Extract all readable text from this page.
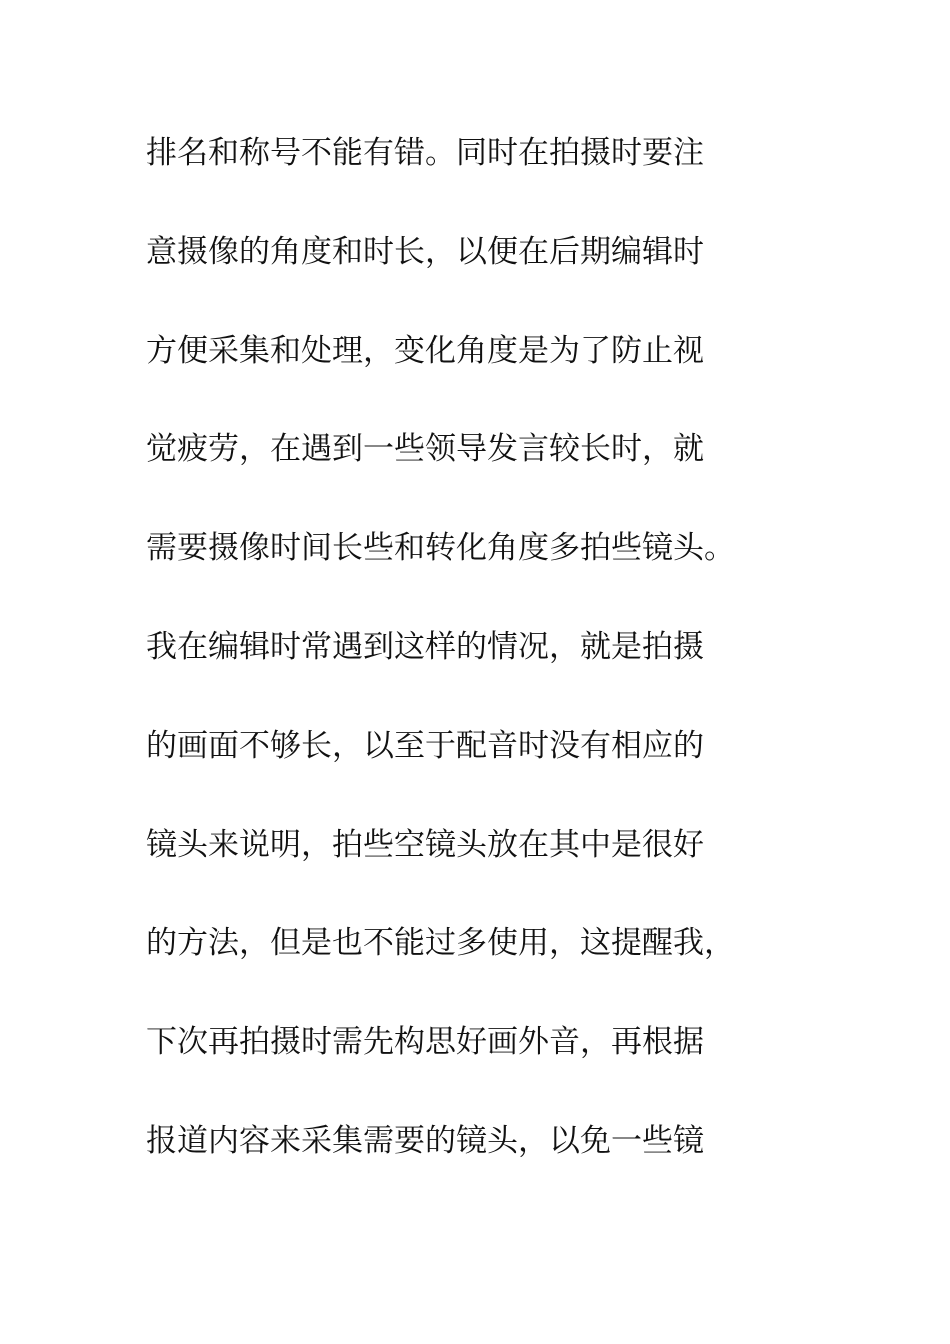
排名和称号不能有错。同时在拍摄时要注
意摄像的角度和时长，以便在后期编辑时
方便采集和处理，变化角度是为了防止视
觉疲劳，在遇到一些领导发言较长时，就
需要摄像时间长些和转化角度多拍些镜头。
我在编辑时常遇到这样的情况，就是拍摄
的画面不够长，以至于配音时没有相应的
镜头来说明，拍些空镜头放在其中是很好
的方法，但是也不能过多使用，这提醒我，
下次再拍摄时需先构思好画外音，再根据
报道内容来采集需要的镜头，以免一些镜
